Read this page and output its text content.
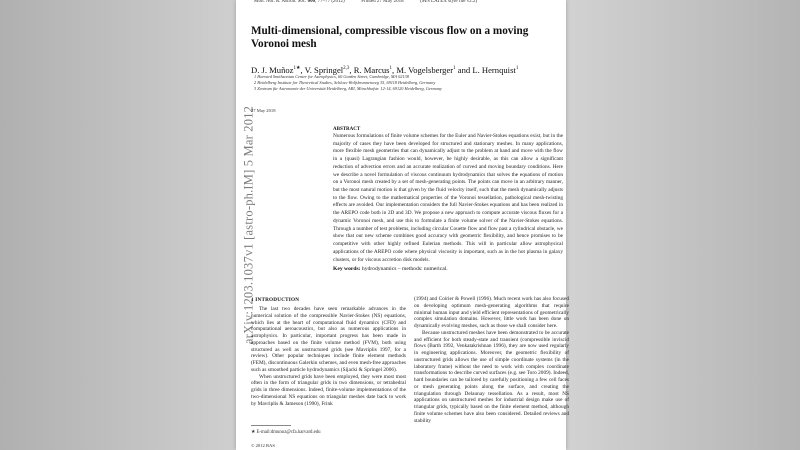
arXiv:1203.1037v1 [astro-ph.IM] 5 Mar 2012
Mon. Not. R. Astron. Soc. 000, 77–77 (2012)	Printed 27 May 2018	(MN LATEX style file v2.2)
Multi-dimensional, compressible viscous flow on a moving Voronoi mesh
D. J. Muñoz$^{1★}$, V. Springel$^{2,3}$, R. Marcus$^1$, M. Vogelsberger$^1$ and L. Hernquist$^1$
1 Harvard Smithsonian Center for Astrophysics, 60 Garden Street, Cambridge, MA 02138
2 Heidelberg Institute for Theoretical Studies, Schloss-Wolfsbrunnenweg 35, 69118 Heidelberg, Germany
3 Zentrum für Astronomie der Universität Heidelberg, ARI, Mönchhofstr. 12-14, 69120 Heidelberg, Germany
27 May 2018
ABSTRACT
Numerous formulations of finite volume schemes for the Euler and Navier-Stokes equations exist, but in the majority of cases they have been developed for structured and stationary meshes. In many applications, more flexible mesh geometries that can dynamically adjust to the problem at hand and move with the flow in a (quasi) Lagrangian fashion would, however, be highly desirable, as this can allow a significant reduction of advection errors and an accurate realization of curved and moving boundary conditions. Here we describe a novel formulation of viscous continuum hydrodynamics that solves the equations of motion on a Voronoi mesh created by a set of mesh-generating points. The points can move in an arbitrary manner, but the most natural motion is that given by the fluid velocity itself, such that the mesh dynamically adjusts to the flow. Owing to the mathematical properties of the Voronoi tessellation, pathological mesh-twisting effects are avoided. Our implementation considers the full Navier-Stokes equations and has been realized in the AREPO code both in 2D and 3D. We propose a new approach to compute accurate viscous fluxes for a dynamic Voronoi mesh, and use this to formulate a finite volume solver of the Navier-Stokes equations. Through a number of test problems, including circular Couette flow and flow past a cylindrical obstacle, we show that our new scheme combines good accuracy with geometric flexibility, and hence promises to be competitive with other highly refined Eulerian methods. This will in particular allow astrophysical applications of the AREPO code where physical viscosity is important, such as in the hot plasma in galaxy clusters, or for viscous accretion disk models.
Key words: hydrodynamics – methods: numerical.
1 INTRODUCTION

The last two decades have seen remarkable advances in the numerical solution of the compressible Navier-Stokes (NS) equations, which lies at the heart of computational fluid dynamics (CFD) and computational aeroacoustics, but also as numerous applications in astrophysics. In particular, important progress has been made in approaches based on the finite volume method (FVM), both using structured as well as unstructured grids (see Mavriplis 1997, for a review). Other popular techniques include finite element methods (FEM), discontinuous Galerkin schemes, and even mesh-free approaches such as smoothed particle hydrodynamics (Sijacki & Springel 2006).

When unstructured grids have been employed, they were most most often in the form of triangular grids in two dimensions, or tetrahedral grids in three dimensions. Indeed, finite-volume implementations of the two-dimensional NS equations on triangular meshes date back to work by Mavriplis & Jameson (1990), Frink

(1994) and Coirier & Powell (1996). Much recent work has also focused on developing optimum mesh-generating algorithms that require minimal human input and yield efficient representations of geometrically complex simulation domains. However, little work has been done on dynamically evolving meshes, such as those we shall consider here.

Because unstructured meshes have been demonstrated to be accurate and efficient for both steady-state and transient (compressible inviscid flows (Barth 1992, Venkatakrishnan 1996), they are now used regularly in engineering applications. Moreover, the geometric flexibility of unstructured grids allows the use of simple coordinate systems (in the laboratory frame) without the need to work with complex coordinate transformations to describe curved surfaces (e.g. see Toro 2009). Indeed, hard boundaries can be tailored by carefully positioning a few cell faces or mesh generating points along the surface, and creating the triangulation through Delaunay tessellation. As a result, most NS applications on unstructured meshes for industrial design make use of triangular grids, typically based on the finite element method, although finite volume schemes have also been considered. Detailed reviews and stability

★ E-mail:dmunoz@cfa.harvard.edu
© 2012 RAS
